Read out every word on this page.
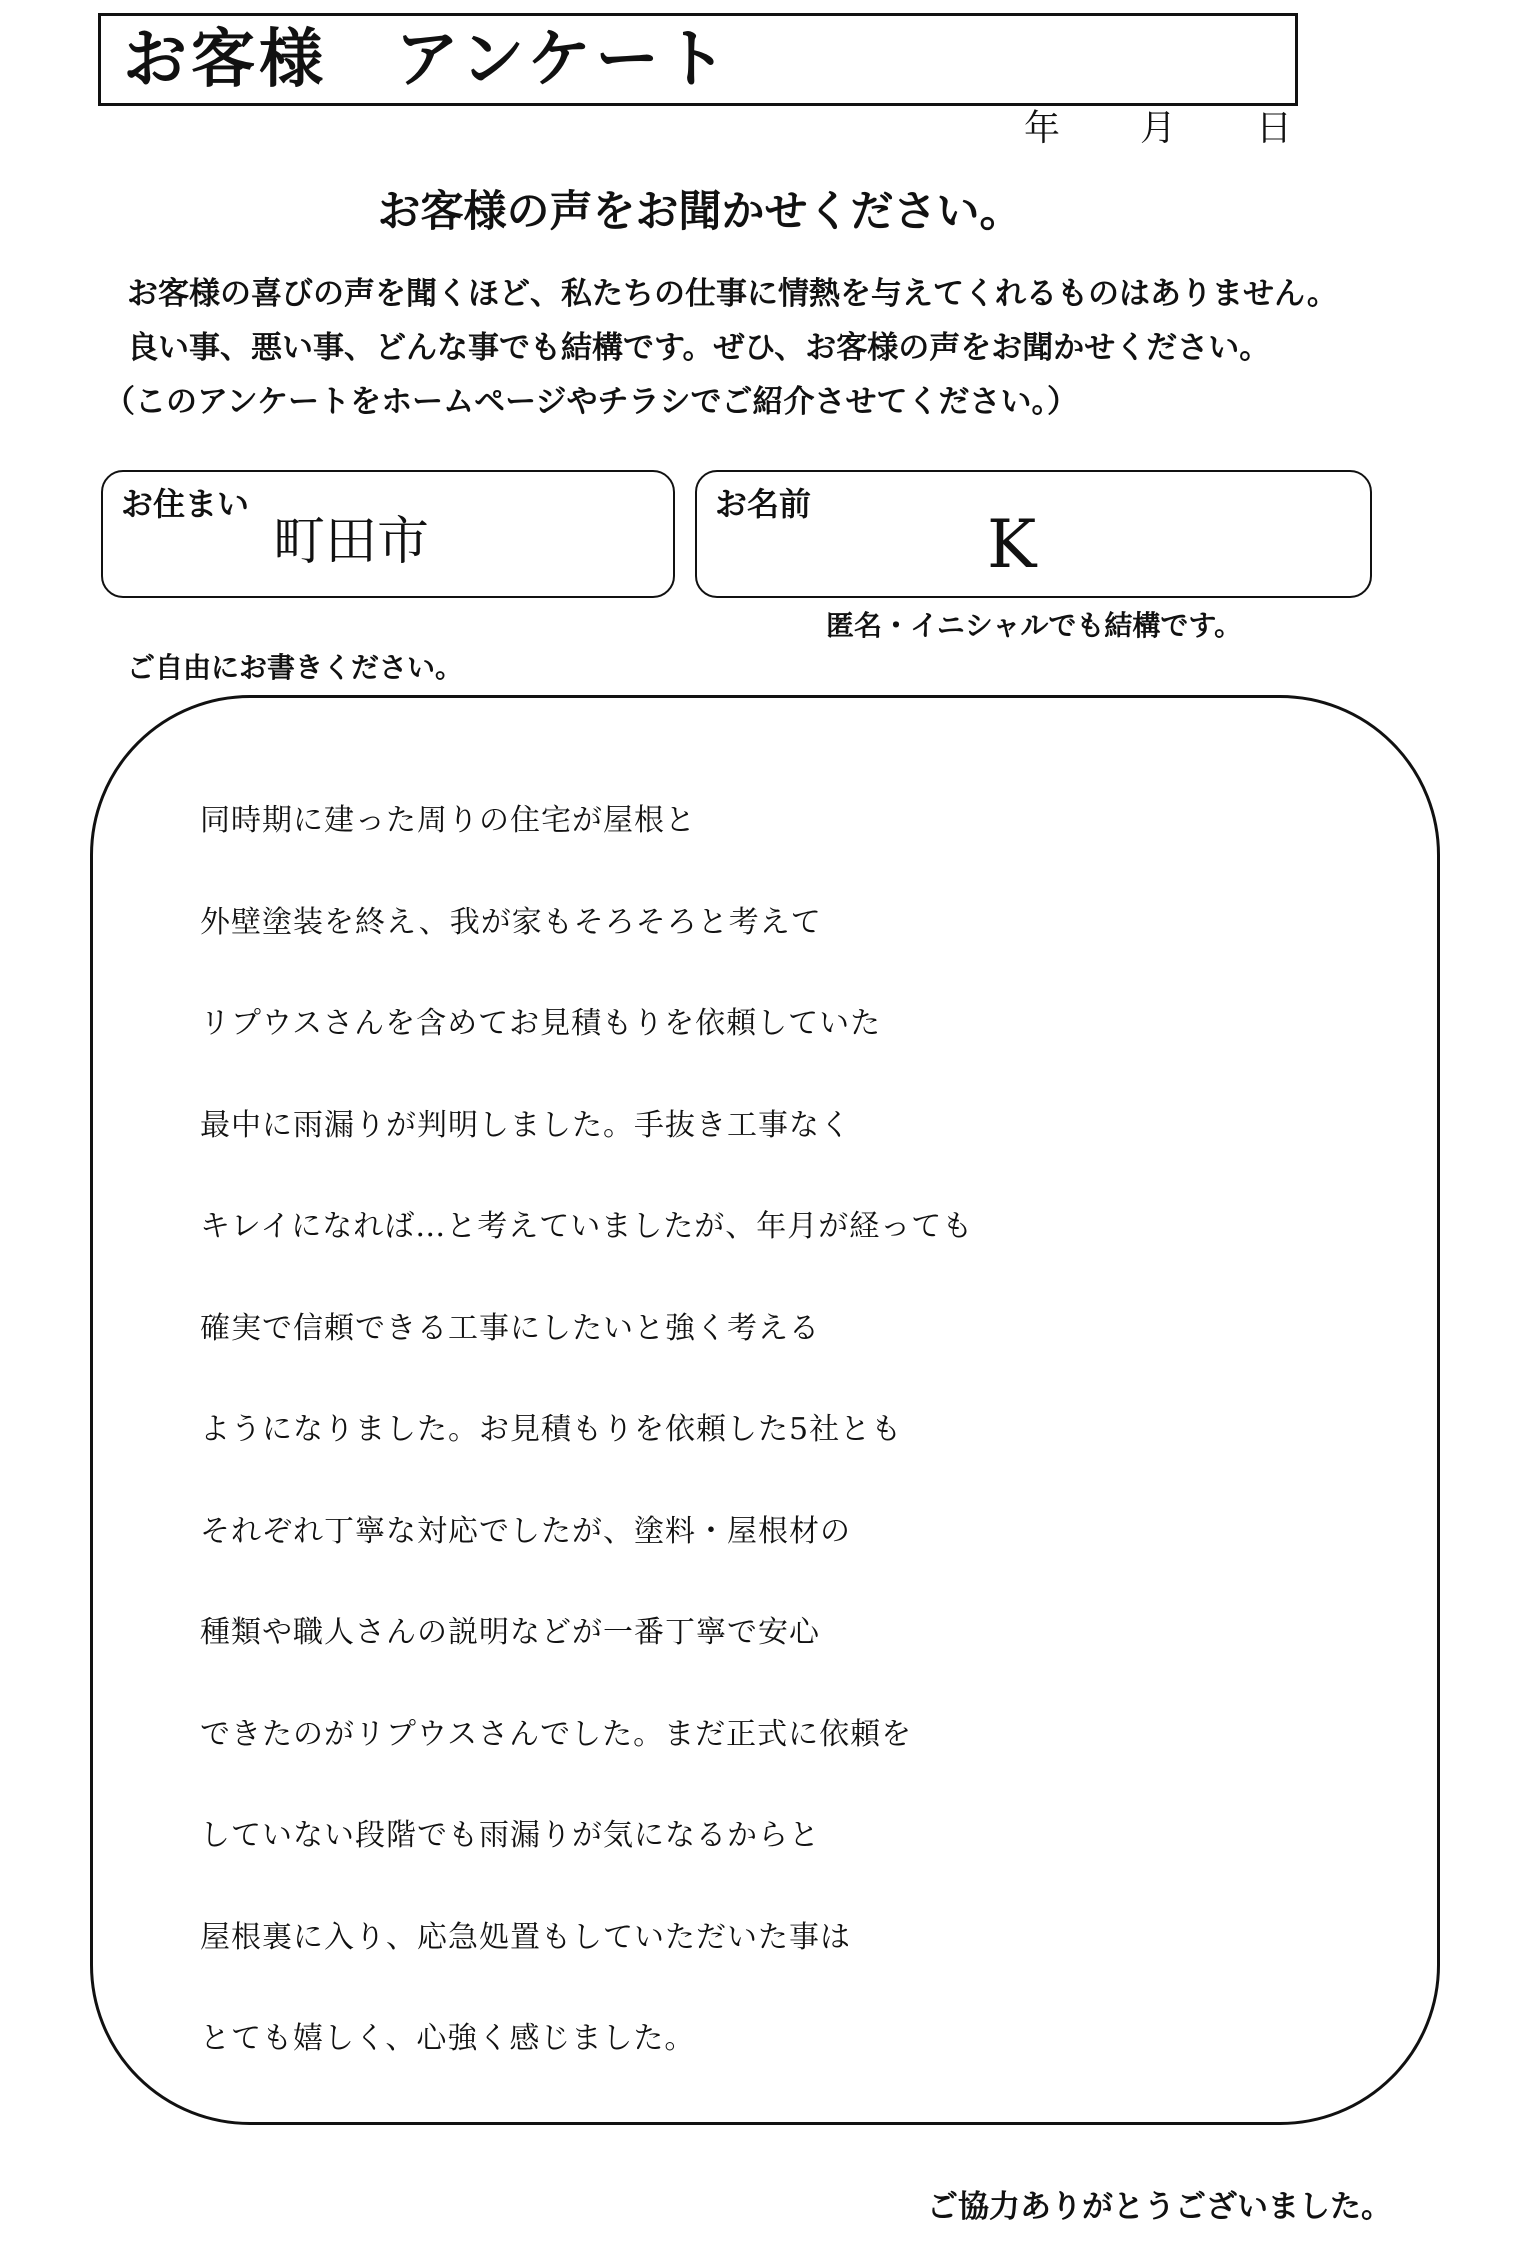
お客様　アンケート
年 月 日
お客様の声をお聞かせください。
お客様の喜びの声を聞くほど、私たちの仕事に情熱を与えてくれるものはありません。
良い事、悪い事、どんな事でも結構です。ぜひ、お客様の声をお聞かせください。
（このアンケートをホームページやチラシでご紹介させてください。）
お住まい
町田市
お名前
K
匿名・イニシャルでも結構です。
ご自由にお書きください。
同時期に建った周りの住宅が屋根と
外壁塗装を終え、我が家もそろそろと考えて
リプウスさんを含めてお見積もりを依頼していた
最中に雨漏りが判明しました。手抜き工事なく
キレイになれば…と考えていましたが、年月が経っても
確実で信頼できる工事にしたいと強く考える
ようになりました。お見積もりを依頼した5社とも
それぞれ丁寧な対応でしたが、塗料・屋根材の
種類や職人さんの説明などが一番丁寧で安心
できたのがリプウスさんでした。まだ正式に依頼を
していない段階でも雨漏りが気になるからと
屋根裏に入り、応急処置もしていただいた事は
とても嬉しく、心強く感じました。
ご協力ありがとうございました。
